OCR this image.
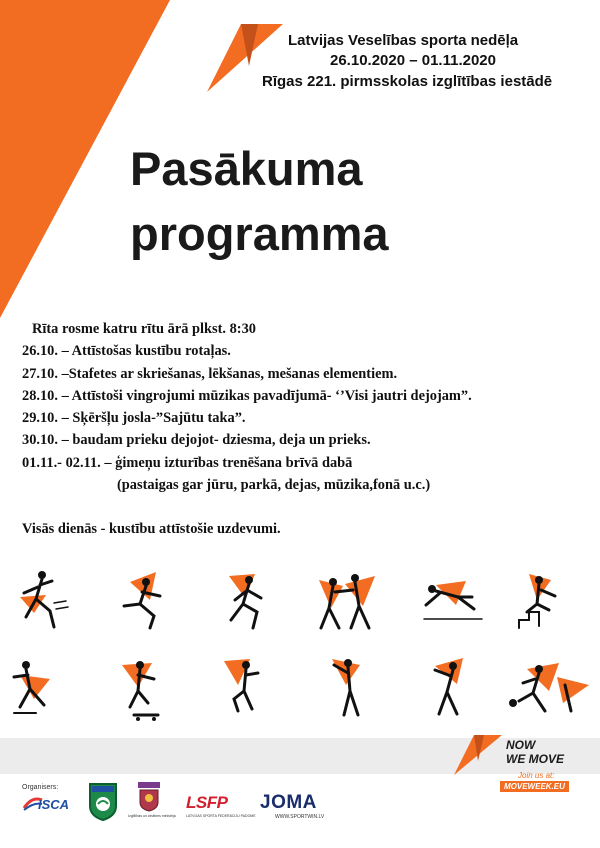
Latvijas Veselības sporta nedēļa
26.10.2020 – 01.11.2020
Rīgas 221. pirmsskolas izglītības iestādē
Pasākuma
programma
Rīta rosme katru rītu ārā plkst. 8:30
26.10. – Attīstošas kustību rotaļas.
27.10. –Stafetes ar skriešanas, lēkšanas, mešanas elementiem.
28.10. – Attīstoši vingrojumi mūzikas pavadījumā- ‘’Visi jautri dejojam”.
29.10. – Sķēršļu josla-”Sajūtu taka”.
30.10. – baudam prieku dejojot- dziesma, deja un prieks.
01.11.- 02.11. – ģimeņu izturības trenēšana brīvā dabā
(pastaigas gar jūru, parkā, dejas, mūzika,fonā u.c.)
Visās dienās - kustību attīstošie uzdevumi.
NOW
WE MOVE
Join us at:
MOVEWEEK.EU
Organisers:
ISCA
Izglītības un zinātnes ministrija
LSFP
LATVIJAS SPORTA FEDERĀCIJU PADOME
JOMA
WWW.SPORTWIN.LV
